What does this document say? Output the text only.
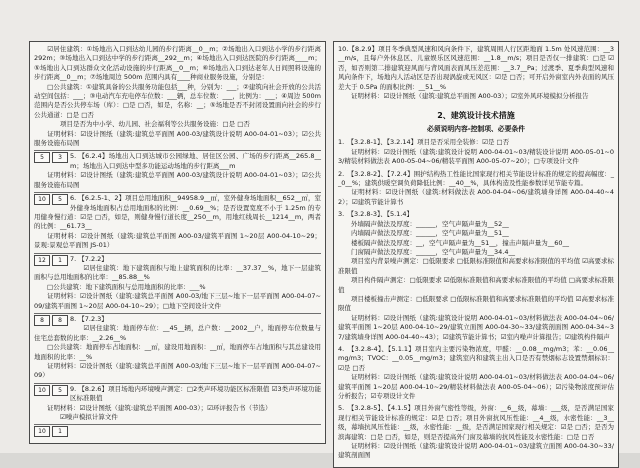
　　☑居住建筑：①场地出入口到达幼儿园的步行距离__0__m；②场地出入口到达小学的步行距离 292m；③场地出入口到达中学的步行距离__292__m；④场地出入口到达医院的步行距离____m；⑤场地出入口到达群众文化活动设施的步行距离__0__m；⑥场地出入口到达老年人日间照料设施的步行距离__0__m；⑦场地周边 500m 范围内具有____种商业服务设施，分别是：
　　□公共建筑：①建筑具备的公共服务功能包括___种，分别为：___；②建筑向社会开放的公共活动空间包括：___；③电动汽车充电停车位数：___辆，总车位数：___，比例为：___；④周边 500m 范围内是否公共停车场（库）：□是 □否，如是，名称：__；⑤场地是否不封闭设置面向社会的步行公共通道：□是 □否
　　　　项目是否为中小学、幼儿园、社会福利等公共服务设施：□是 □否
　　证明材料：☑设计图纸（建筑:建筑总平面图 A00-03/建筑设计说明 A00-04-01~03）；☑公共服务设施布局图
5	3	5. 【6.2.4】场地出入口到达城市公园绿地、居住区公园、广场的步行距离__265.8__m；场地出入口到达中型多功能运动场地的步行距离___m
　　证明材料：☑设计图纸（建筑:建筑总平面图 A00-03/建筑设计说明 A00-04-01~03）；☑公共服务设施布局图
10	5	6. 【6.2.5-1、2】项目总用地面积__94958.9__㎡，室外健身场地面积__652__㎡，室外健身场地面积占总用地面积的比例：__0.69__%；是否设置宽度不小于 1.25m 的专用健身慢行道：☑是 □否，如是，则健身慢行道长度__250__m，用地红线周长__1214__m，两者的比例：__61.73__
　　证明材料：☑设计图纸（建筑:建筑总平面图 A00-03/建筑平面图 1~20层 A00-04-10~29；景观:景观总平面图 JS-01）
12	1	7. 【7.2.2】
　　☑居住建筑：地下建筑面积与地上建筑面积的比率：__37.37__%，地下一层建筑面积与总用地面积的比率：__85.88__%
　　□公共建筑：地下建筑面积与总用地面积的比率：___%
　　证明材料：☑设计图纸（建筑:建筑总平面图 A00-03/地下三层~地下一层平面图 A00-04-07~09/建筑平面图 1~20层 A00-04-10~29）；□地下空间设计文件
8	8	8. 【7.2.3】
　　☑居住建筑：地面停车位：__45__辆，总户数：__2002__户，地面停车位数量与住宅总套数的比率：__2.26__%
　　□公共建筑：地面停车占地面积：__㎡，建设用地面积：__㎡，地面停车占地面积与其总建设用地面积的比率：__%
　　证明材料：☑设计图纸（建筑:建筑总平面图 A00-03/地下三层~地下一层平面图 A00-04-07~09）
10	5	9. 【8.2.6】项目场地内环境噪声测定：□2类声环境功能区标准限值 ☑3类声环境功能区标准限值
　　证明材料：☑设计图纸（建筑:建筑总平面图 A00-03）；☑环评报告书（节选）
　　　　☑噪声模拟计算文件
10	1
10.【8.2.9】项目冬季典型风速和风向条件下，建筑周围人行区距地面 1.5m 处风速范围：__3__m/s，且每户外休息区、儿童娱乐区风速范围：__1.8__m/s；项目是否仅一排建筑：□是 ☑否，如否则第二排建筑迎风面与背风面表面风压差范围：__3.7__Pa；过渡季、夏季典型风速和风向条件下，场地内人活动区是否出现涡旋或无风区：☑是 □否；可开启外窗室内外表面的风压差大于 0.5Pa 的面积比例：__51__%
　　证明材料：☑设计图纸（建筑:建筑总平面图 A00-03）；☑室外风环境模拟分析报告
2、建筑设计技术措施
必须说明内容-控制项、必要条件
1.　【3.2.8-1】、【3.2.14】项目是否采用全装修：☑是 □否
　　证明材料：☑设计图纸（建筑:建筑设计说明 A00-04-01~03/精装设计说明 A00-05-01~03/精装材料做法表 A00-05-04~06/精装平面图 A00-05-07~20）；□专项设计文件
2.　【3.2.8-2】、【7.2.4】围护结构热工性能比国家现行相关节能设计标准的规定的提高幅度：__0__%；建筑供暖空调负荷降低比例：__40__%，具体构造及性能参数详见节能专篇。
　　证明材料：☑设计图纸（建筑:材料做法表 A00-04-04~06/建筑墙身详图 A00-04-40~42）；☑建筑节能计算书
3.　【3.2.8-3】、【5.1.4】
　　外墙隔声做法及厚度：______，空气声隔声量为__52__
　　内墙隔声做法及厚度：______，空气声隔声量为__51__
　　楼板隔声做法及厚度：__，空气声隔声量为__51__，撞击声隔声量为__60__
　　门窗隔声做法及厚度：______，空气声隔声量为__34.4__
　　项目室内背景噪声测定：□低限要求 □低限标准限值和高要求标准限值的平均值 ☑高要求标准限值
　　项目构件隔声测定：□低限要求 ☑低限标准限值和高要求标准限值的平均值 □高要求标准限值
　　项目楼板撞击声测定：□低限要求 □低限标准限值和高要求标准限值的平均值 ☑高要求标准限值
　　证明材料：☑设计图纸（建筑:建筑设计说明 A00-04-01~03/材料做法表 A00-04-04~06/建筑平面图 1~20层 A00-04-10~29/建筑立面图 A00-04-30~33/建筑剖面图 A00-04-34~37/建筑墙身详图 A00-04-40~43）；☑建筑节能计算书；☑室内噪声计算报告；☑建筑构件隔声
4.　【3.2.8-4】、【5.1.1】项目室内主要污染物浓度，甲醛：__0.08__mg/m3；苯：__0.06__mg/m3；TVOC：__0.05__mg/m3；建筑室内和建筑主出入口是否有禁烟标志设置禁烟标识：☑是 □否
　　证明材料：☑设计图纸（建筑:建筑设计说明 A00-04-01~03/材料做法表 A00-04-04~06/建筑平面图 1~20层 A00-04-10~29/精装材料做法表 A00-05-04~06）；☑污染物浓度预评估分析报告；☑专项设计文件
5.　【3.2.8-5】、【4.1.5】项目外窗气密性等级，外窗：__6__级，幕墙：___级，是否满足国家现行相关节能设计标准的规定：☑是 □否；项目外窗抗风压性能：__4__级，水密性能：__3__级，幕墙抗风压性能：__级，水密性能：__级，是否满足国家现行相关规定：☑是 □否；是否为滨海建筑：□是 □否，如是，则是否提高外门窗及幕墙的抗风性能及水密性能：□是 □否
　　证明材料：☑设计图纸（建筑:建筑设计说明 A00-04-01~03/建筑立面图 A00-04-30~33/建筑剖面图
